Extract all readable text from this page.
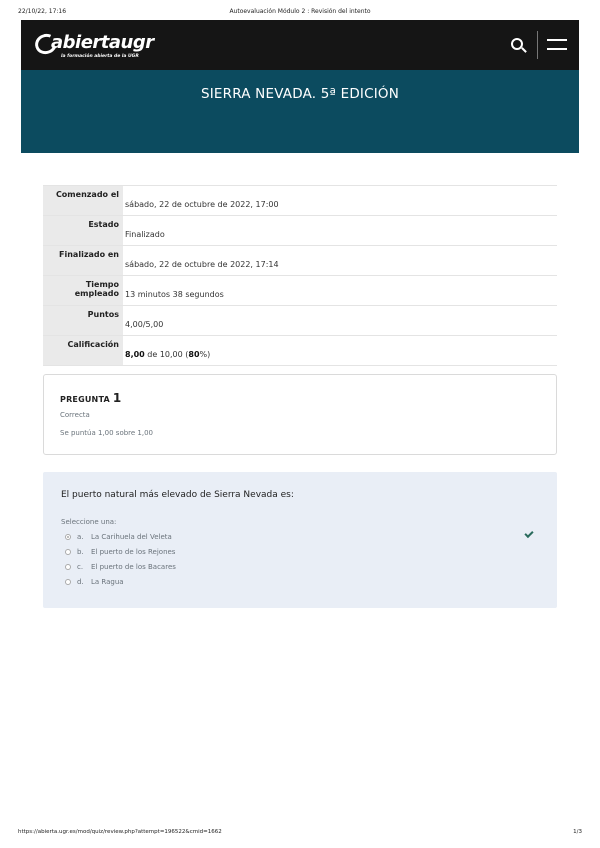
22/10/22, 17:16	Autoevaluación Módulo 2 : Revisión del intento
abiertaugr
la formación abierta de la UGR
SIERRA NEVADA. 5ª EDICIÓN
Comenzado el	sábado, 22 de octubre de 2022, 17:00
Estado	Finalizado
Finalizado en	sábado, 22 de octubre de 2022, 17:14
Tiempo empleado	13 minutos 38 segundos
Puntos	4,00/5,00
Calificación	8,00 de 10,00 (80%)
PREGUNTA 1
Correcta
Se puntúa 1,00 sobre 1,00
El puerto natural más elevado de Sierra Nevada es:
Seleccione una:
a. La Carihuela del Veleta
b. El puerto de los Rejones
c. El puerto de los Bacares
d. La Ragua
https://abierta.ugr.es/mod/quiz/review.php?attempt=196522&cmid=1662	1/3
